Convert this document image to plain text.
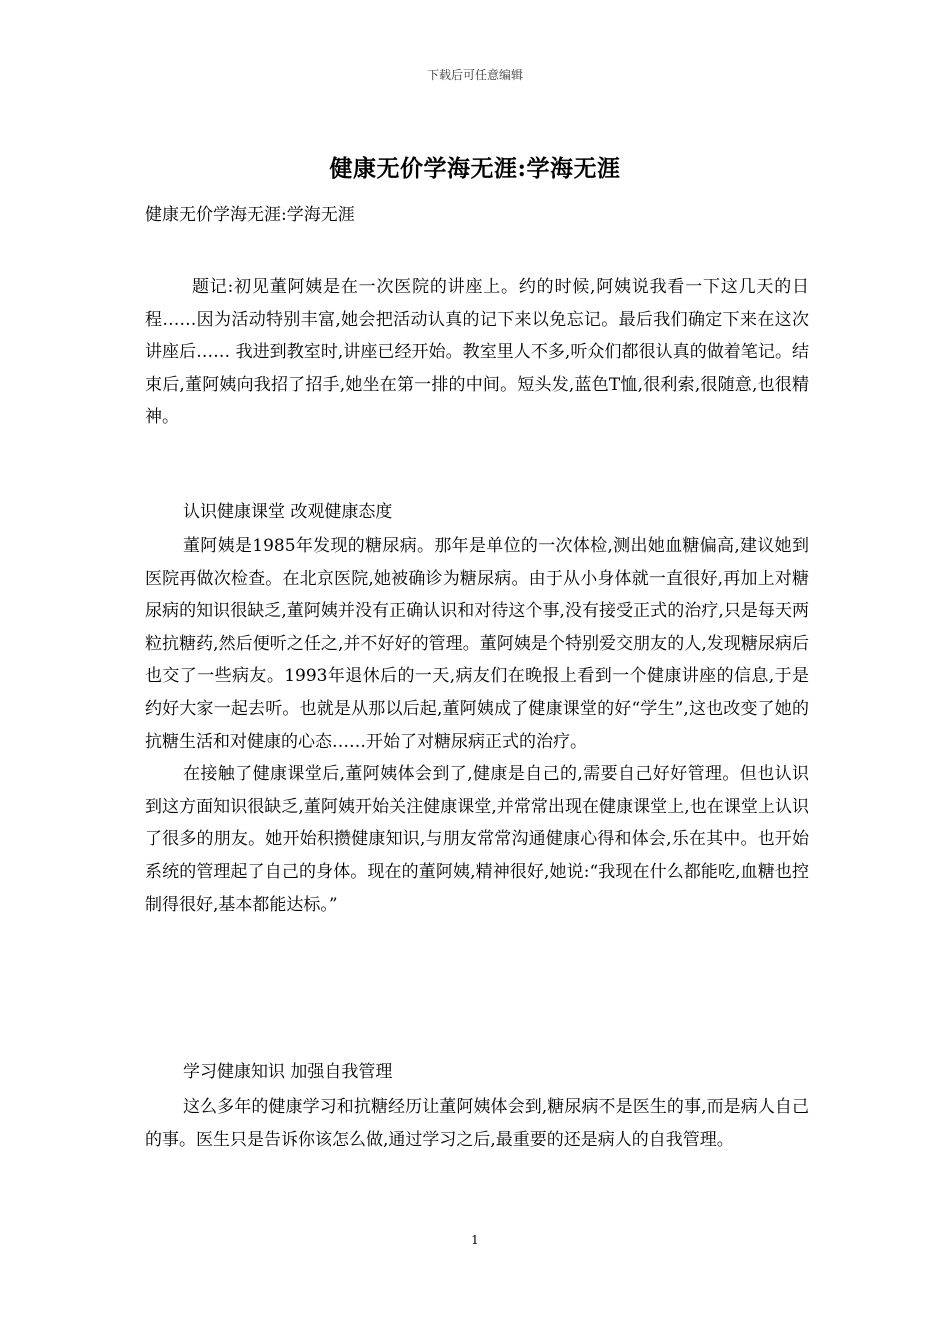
下载后可任意编辑
健康无价学海无涯:学海无涯
健康无价学海无涯:学海无涯

题记:初见董阿姨是在一次医院的讲座上。约的时候,阿姨说我看一下这几天的日程……因为活动特别丰富,她会把活动认真的记下来以免忘记。最后我们确定下来在这次讲座后…… 我进到教室时,讲座已经开始。教室里人不多,听众们都很认真的做着笔记。结束后,董阿姨向我招了招手,她坐在第一排的中间。短头发,蓝色T恤,很利索,很随意,也很精神。

认识健康课堂 改观健康态度

董阿姨是1985年发现的糖尿病。那年是单位的一次体检,测出她血糖偏高,建议她到医院再做次检查。在北京医院,她被确诊为糖尿病。由于从小身体就一直很好,再加上对糖尿病的知识很缺乏,董阿姨并没有正确认识和对待这个事,没有接受正式的治疗,只是每天两粒抗糖药,然后便听之任之,并不好好的管理。董阿姨是个特别爱交朋友的人,发现糖尿病后也交了一些病友。1993年退休后的一天,病友们在晚报上看到一个健康讲座的信息,于是约好大家一起去听。也就是从那以后起,董阿姨成了健康课堂的好“学生”,这也改变了她的抗糖生活和对健康的心态……开始了对糖尿病正式的治疗。

在接触了健康课堂后,董阿姨体会到了,健康是自己的,需要自己好好管理。但也认识到这方面知识很缺乏,董阿姨开始关注健康课堂,并常常出现在健康课堂上,也在课堂上认识了很多的朋友。她开始积攒健康知识,与朋友常常沟通健康心得和体会,乐在其中。也开始系统的管理起了自己的身体。现在的董阿姨,精神很好,她说:“我现在什么都能吃,血糖也控制得很好,基本都能达标。”

学习健康知识 加强自我管理

这么多年的健康学习和抗糖经历让董阿姨体会到,糖尿病不是医生的事,而是病人自己的事。医生只是告诉你该怎么做,通过学习之后,最重要的还是病人的自我管理。

1
